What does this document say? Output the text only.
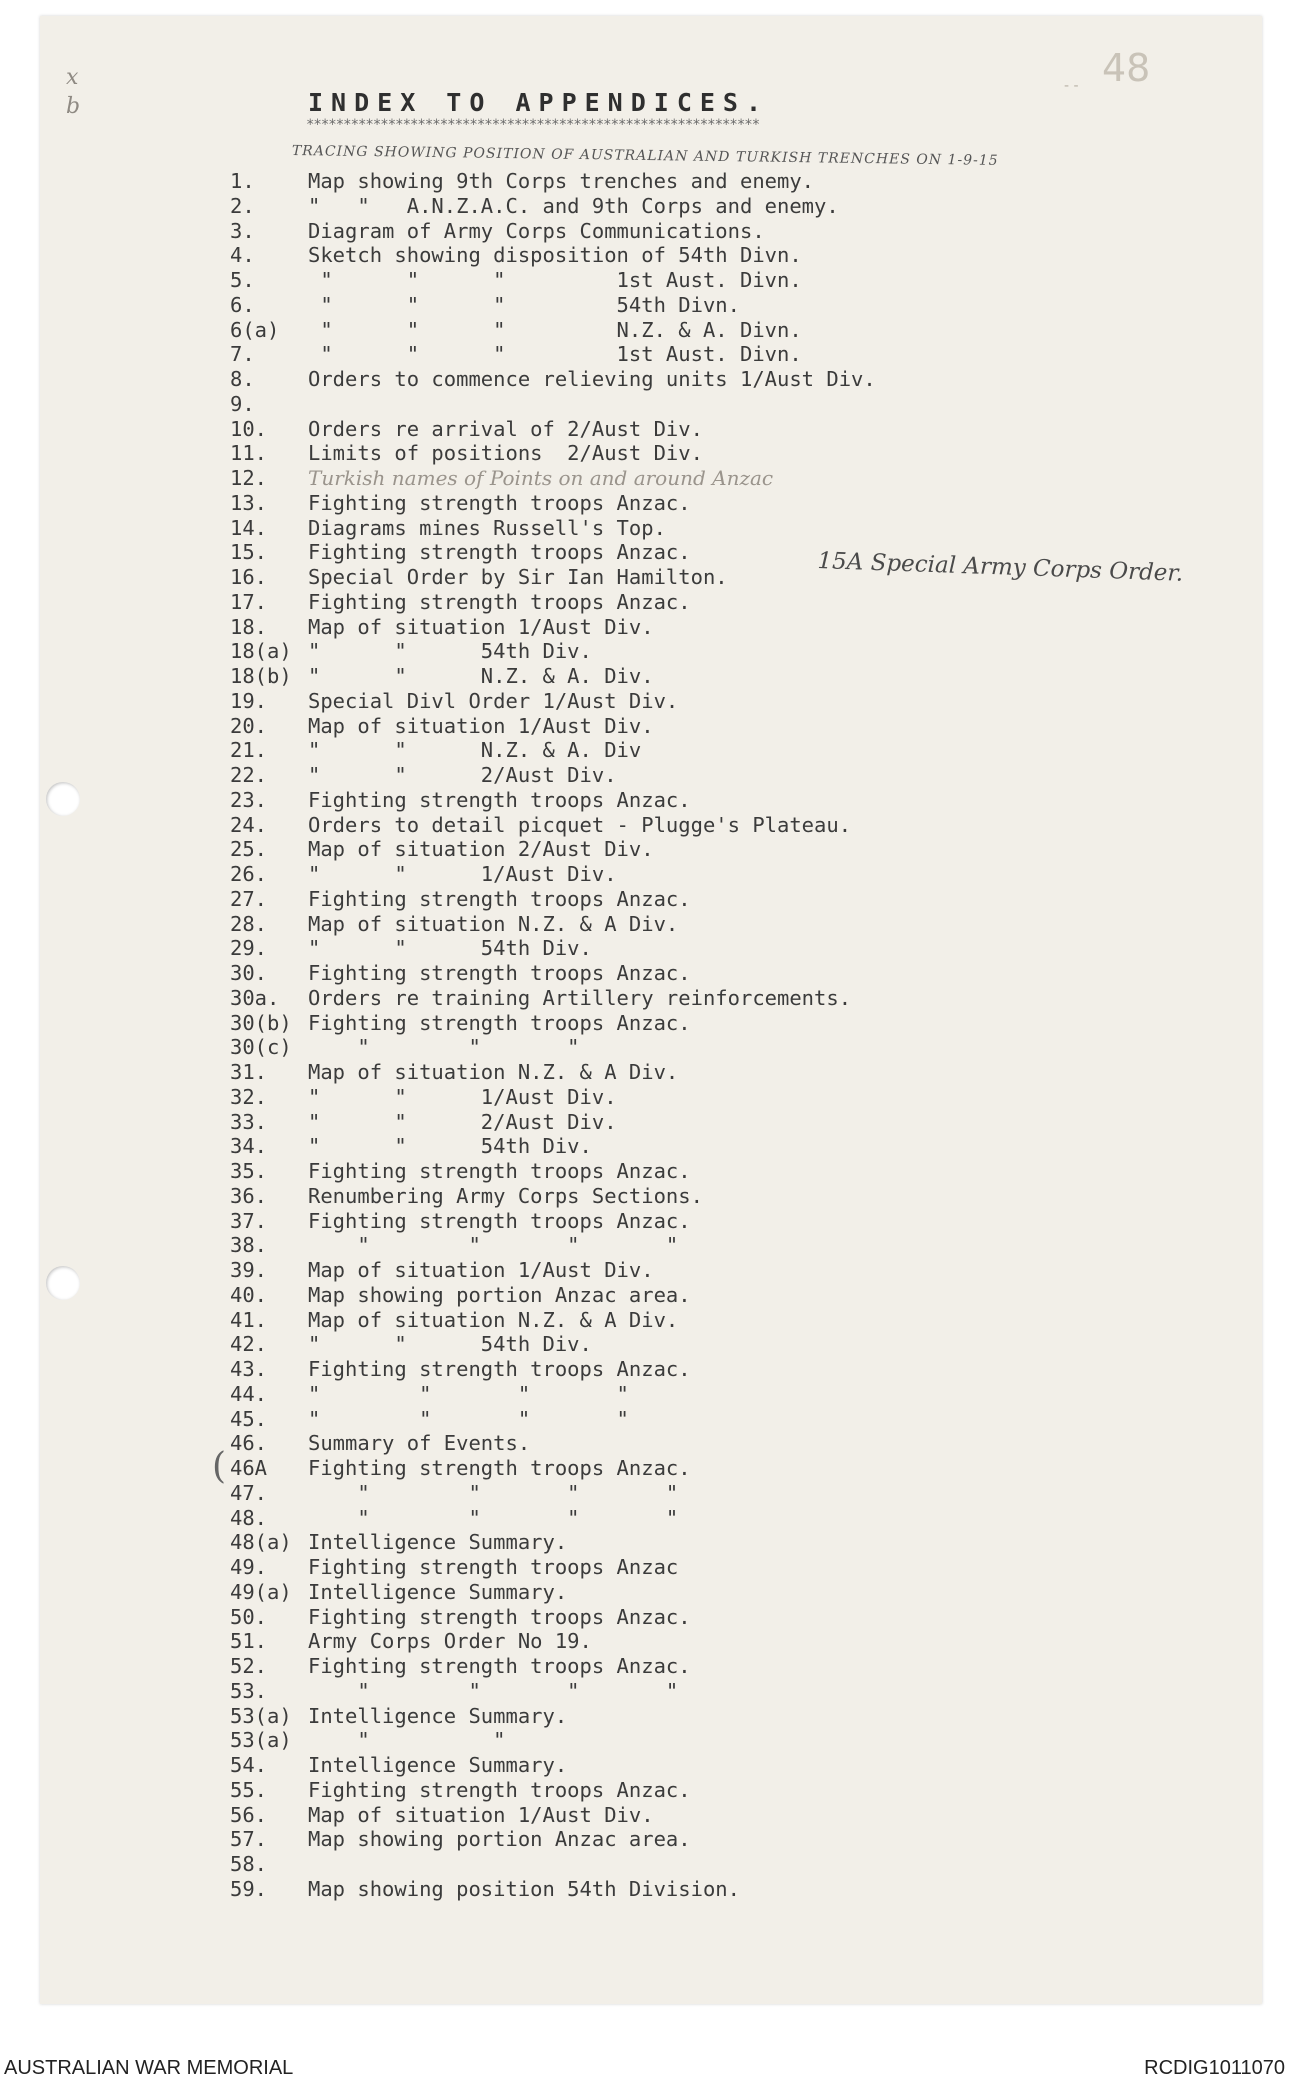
48
- -
x
b	INDEX TO APPENDICES.
*************************************************************
TRACING SHOWING POSITION OF AUSTRALIAN AND TURKISH TRENCHES ON 1-9-15
1.	Map showing 9th Corps trenches and enemy.
2.	"   "   A.N.Z.A.C. and 9th Corps and enemy.
3.	Diagram of Army Corps Communications.
4.	Sketch showing disposition of 54th Divn.
5.	"      "      "         1st Aust. Divn.
6.	"      "      "         54th Divn.
6(a)	"      "      "         N.Z. & A. Divn.
7.	"      "      "         1st Aust. Divn.
8.	Orders to commence relieving units 1/Aust Div.
9.
10.	Orders re arrival of 2/Aust Div.
11.	Limits of positions  2/Aust Div.
12.	Turkish names of Points on and around Anzac
13.	Fighting strength troops Anzac.
14.	Diagrams mines Russell's Top.
15.	Fighting strength troops Anzac.
16.	Special Order by Sir Ian Hamilton.
17.	Fighting strength troops Anzac.
18.	Map of situation 1/Aust Div.
18(a) "      "      54th Div.
18(b) "      "      N.Z. & A. Div.
19.	Special Divl Order 1/Aust Div.
20.	Map of situation 1/Aust Div.
21.	"      "      N.Z. & A. Div
22.	"      "      2/Aust Div.
23.	Fighting strength troops Anzac.
24.	Orders to detail picquet - Plugge's Plateau.
25.	Map of situation 2/Aust Div.
26.	"      "      1/Aust Div.
27.	Fighting strength troops Anzac.
28.	Map of situation N.Z. & A Div.
29.	"      "      54th Div.
30.	Fighting strength troops Anzac.
30a.	Orders re training Artillery reinforcements.
30(b) Fighting strength troops Anzac.
30(c) "        "       "
31.	Map of situation N.Z. & A Div.
32.	"      "      1/Aust Div.
33.	"      "      2/Aust Div.
34.	"      "      54th Div.
35.	Fighting strength troops Anzac.
36.	Renumbering Army Corps Sections.
37.	Fighting strength troops Anzac.
38.	"        "       "       "
39.	Map of situation 1/Aust Div.
40.	Map showing portion Anzac area.
41.	Map of situation N.Z. & A Div.
42.	"      "      54th Div.
43.	Fighting strength troops Anzac.
44.	"        "       "       "
45.	"        "       "       "
46.	Summary of Events.
46A	Fighting strength troops Anzac.
47.	"        "       "       "
48.	"        "       "       "
48(a) Intelligence Summary.
49.	Fighting strength troops Anzac
49(a) Intelligence Summary.
50.	Fighting strength troops Anzac.
51.	Army Corps Order No 19.
52.	Fighting strength troops Anzac.
53.	"        "       "       "
53(a) Intelligence Summary.
53(a) "          "
54.	Intelligence Summary.
55.	Fighting strength troops Anzac.
56.	Map of situation 1/Aust Div.
57.	Map showing portion Anzac area.
58.
59.	Map showing position 54th Division.
15A Special Army Corps Order.
(
AUSTRALIAN WAR MEMORIAL	RCDIG1011070
